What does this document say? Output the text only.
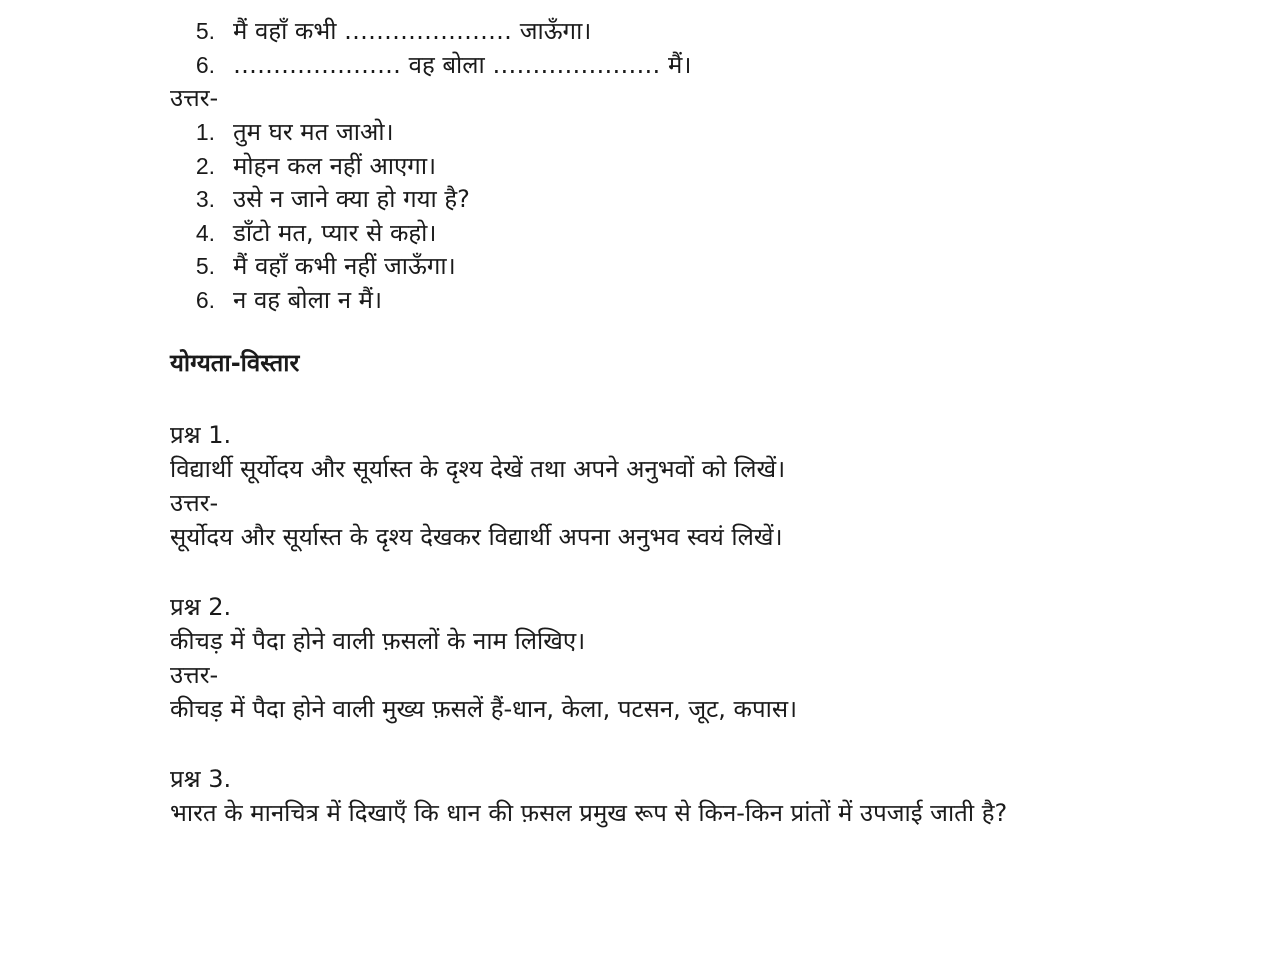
5. मैं वहाँ कभी ………………… जाऊँगा।
6. ………………… वह बोला ………………… मैं।
उत्तर-
1. तुम घर मत जाओ।
2. मोहन कल नहीं आएगा।
3. उसे न जाने क्या हो गया है?
4. डाँटो मत, प्यार से कहो।
5. मैं वहाँ कभी नहीं जाऊँगा।
6. न वह बोला न मैं।
योग्यता-विस्तार

प्रश्न 1.

विद्यार्थी सूर्योदय और सूर्यास्त के दृश्य देखें तथा अपने अनुभवों को लिखें।

उत्तर-

सूर्योदय और सूर्यास्त के दृश्य देखकर विद्यार्थी अपना अनुभव स्वयं लिखें।

प्रश्न 2.

कीचड़ में पैदा होने वाली फ़सलों के नाम लिखिए।

उत्तर-

कीचड़ में पैदा होने वाली मुख्य फ़सलें हैं-धान, केला, पटसन, जूट, कपास।

प्रश्न 3.

भारत के मानचित्र में दिखाएँ कि धान की फ़सल प्रमुख रूप से किन-किन प्रांतों में उपजाई जाती है?
